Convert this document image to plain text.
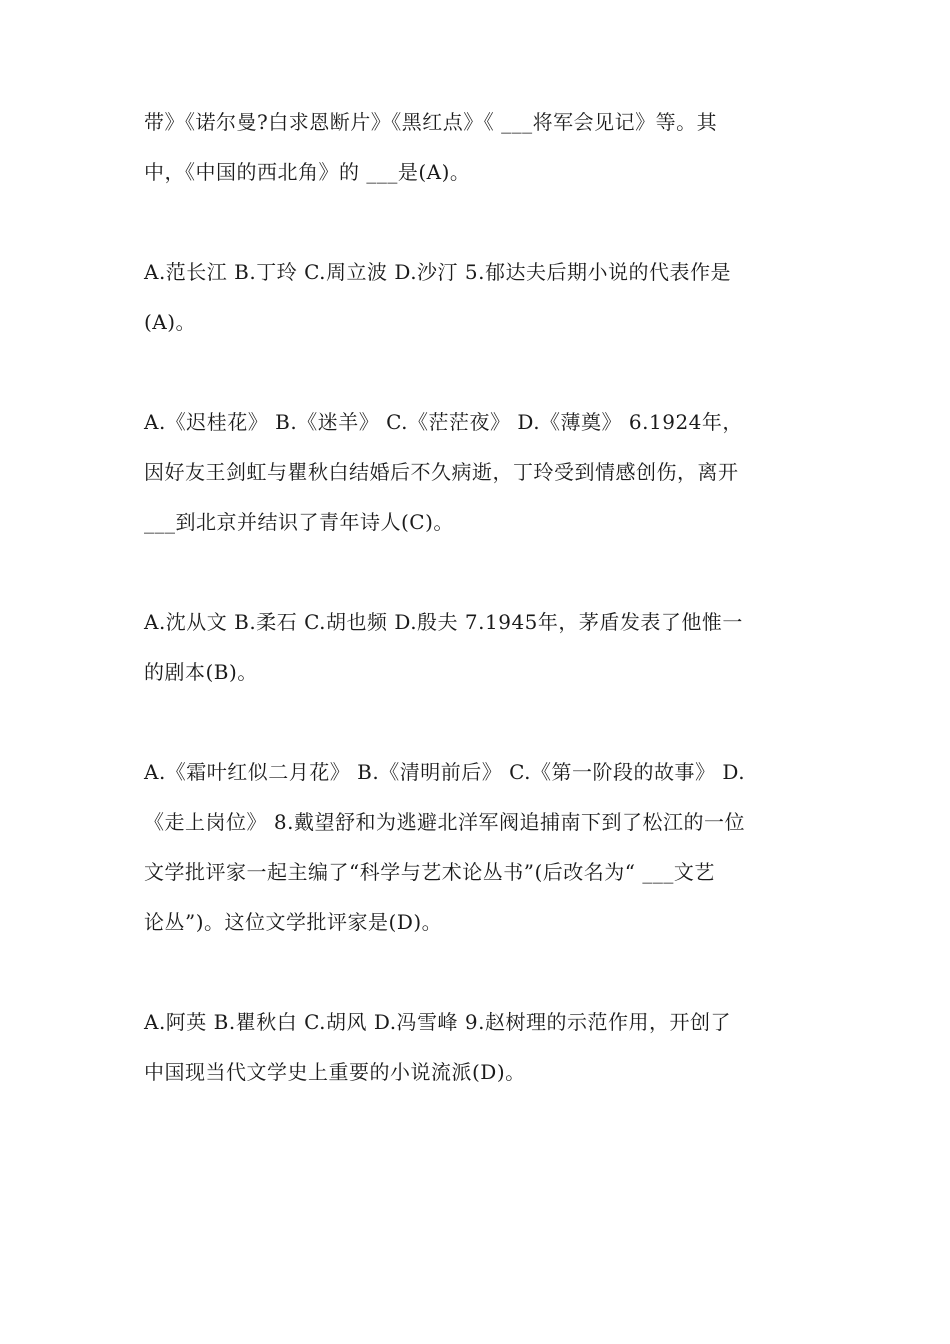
带》《诺尔曼?白求恩断片》《黑红点》《 ___将军会见记》等。其
中，《中国的西北角》的 ___是(A)。
A.范长江 B.丁玲 C.周立波 D.沙汀 5.郁达夫后期小说的代表作是
(A)。
A.《迟桂花》 B.《迷羊》 C.《茫茫夜》 D.《薄奠》 6.1924年，
因好友王剑虹与瞿秋白结婚后不久病逝，丁玲受到情感创伤，离开
___到北京并结识了青年诗人(C)。
A.沈从文 B.柔石 C.胡也频 D.殷夫 7.1945年，茅盾发表了他惟一
的剧本(B)。
A.《霜叶红似二月花》 B.《清明前后》 C.《第一阶段的故事》 D.
《走上岗位》 8.戴望舒和为逃避北洋军阀追捕南下到了松江的一位
文学批评家一起主编了“科学与艺术论丛书”(后改名为“ ___文艺
论丛”)。这位文学批评家是(D)。
A.阿英 B.瞿秋白 C.胡风 D.冯雪峰 9.赵树理的示范作用，开创了
中国现当代文学史上重要的小说流派(D)。
